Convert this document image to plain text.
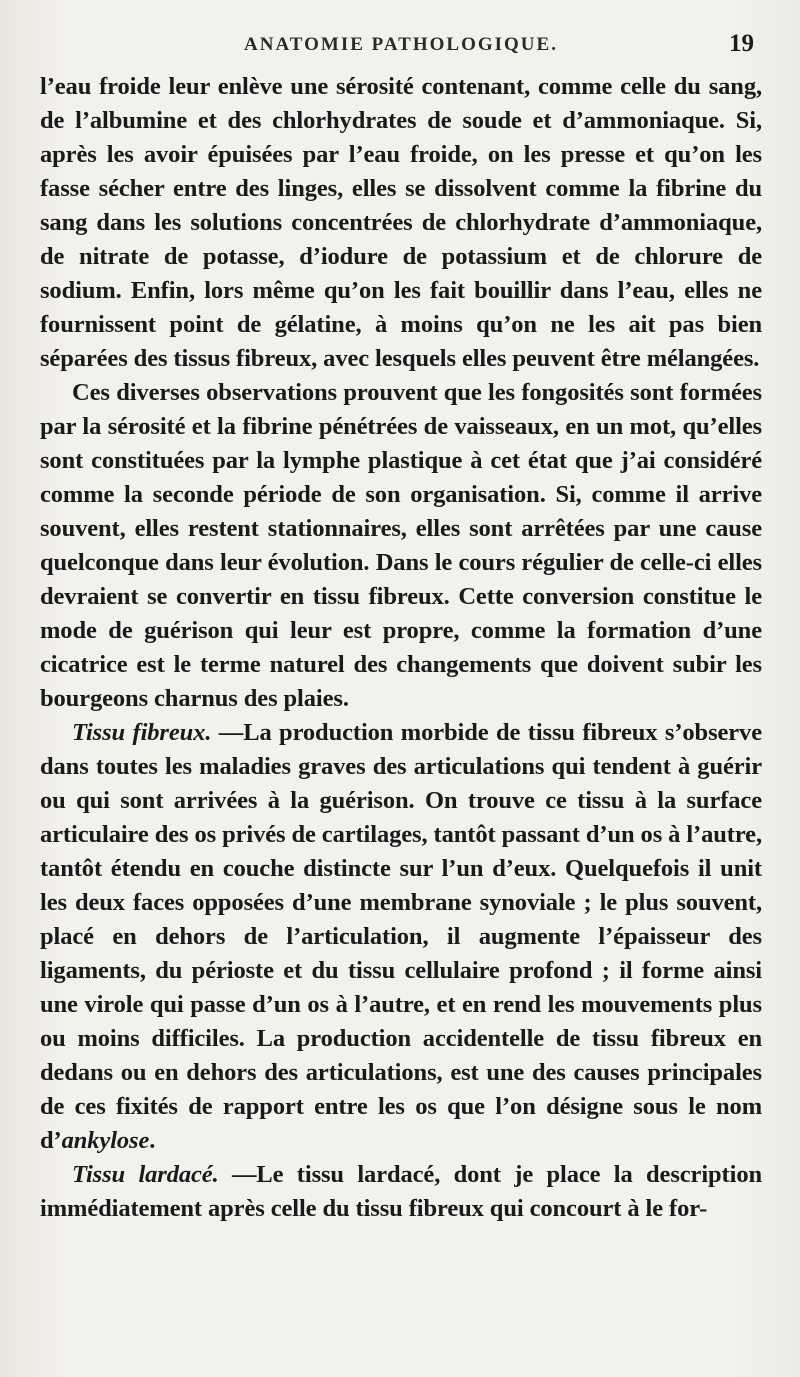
ANATOMIE PATHOLOGIQUE.	19

l’eau froide leur enlève une sérosité contenant, comme celle du sang, de l’albumine et des chlorhydrates de soude et d’ammoniaque. Si, après les avoir épuisées par l’eau froide, on les presse et qu’on les fasse sécher entre des linges, elles se dissolvent comme la fibrine du sang dans les solutions concentrées de chlorhydrate d’ammoniaque, de nitrate de potasse, d’iodure de potassium et de chlorure de sodium. Enfin, lors même qu’on les fait bouillir dans l’eau, elles ne fournissent point de gélatine, à moins qu’on ne les ait pas bien séparées des tissus fibreux, avec lesquels elles peuvent être mélangées.

Ces diverses observations prouvent que les fongosités sont formées par la sérosité et la fibrine pénétrées de vaisseaux, en un mot, qu’elles sont constituées par la lymphe plastique à cet état que j’ai considéré comme la seconde période de son organisation. Si, comme il arrive souvent, elles restent stationnaires, elles sont arrêtées par une cause quelconque dans leur évolution. Dans le cours régulier de celle-ci elles devraient se convertir en tissu fibreux. Cette conversion constitue le mode de guérison qui leur est propre, comme la formation d’une cicatrice est le terme naturel des changements que doivent subir les bourgeons charnus des plaies.

Tissu fibreux. —La production morbide de tissu fibreux s’observe dans toutes les maladies graves des articulations qui tendent à guérir ou qui sont arrivées à la guérison. On trouve ce tissu à la surface articulaire des os privés de cartilages, tantôt passant d’un os à l’autre, tantôt étendu en couche distincte sur l’un d’eux. Quelquefois il unit les deux faces opposées d’une membrane synoviale ; le plus souvent, placé en dehors de l’articulation, il augmente l’épaisseur des ligaments, du périoste et du tissu cellulaire profond ; il forme ainsi une virole qui passe d’un os à l’autre, et en rend les mouvements plus ou moins difficiles. La production accidentelle de tissu fibreux en dedans ou en dehors des articulations, est une des causes principales de ces fixités de rapport entre les os que l’on désigne sous le nom d’ankylose.

Tissu lardacé. —Le tissu lardacé, dont je place la description immédiatement après celle du tissu fibreux qui concourt à le for-
